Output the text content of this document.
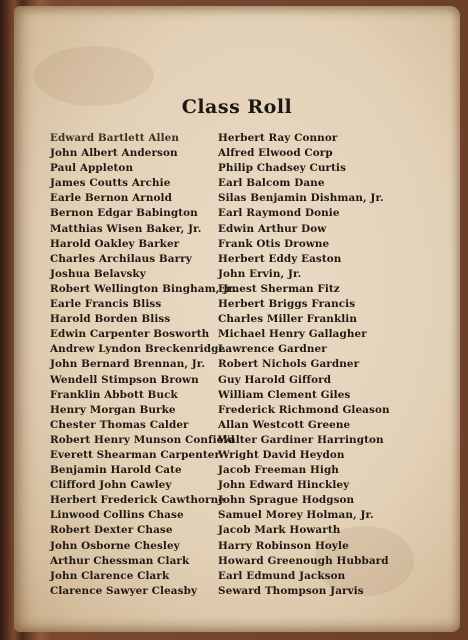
Class Roll
Edward Bartlett Allen
John Albert Anderson
Paul Appleton
James Coutts Archie
Earle Bernon Arnold
Bernon Edgar Babington
Matthias Wisen Baker, Jr.
Harold Oakley Barker
Charles Archilaus Barry
Joshua Belavsky
Robert Wellington Bingham, Jr.
Earle Francis Bliss
Harold Borden Bliss
Edwin Carpenter Bosworth
Andrew Lyndon Breckenridge
John Bernard Brennan, Jr.
Wendell Stimpson Brown
Franklin Abbott Buck
Henry Morgan Burke
Chester Thomas Calder
Robert Henry Munson Confield
Everett Shearman Carpenter
Benjamin Harold Cate
Clifford John Cawley
Herbert Frederick Cawthorne
Linwood Collins Chase
Robert Dexter Chase
John Osborne Chesley
Arthur Chessman Clark
John Clarence Clark
Clarence Sawyer Cleasby
Herbert Ray Connor
Alfred Elwood Corp
Philip Chadsey Curtis
Earl Balcom Dane
Silas Benjamin Dishman, Jr.
Earl Raymond Donie
Edwin Arthur Dow
Frank Otis Drowne
Herbert Eddy Easton
John Ervin, Jr.
Ernest Sherman Fitz
Herbert Briggs Francis
Charles Miller Franklin
Michael Henry Gallagher
Lawrence Gardner
Robert Nichols Gardner
Guy Harold Gifford
William Clement Giles
Frederick Richmond Gleason
Allan Westcott Greene
Walter Gardiner Harrington
Wright David Heydon
Jacob Freeman High
John Edward Hinckley
John Sprague Hodgson
Samuel Morey Holman, Jr.
Jacob Mark Howarth
Harry Robinson Hoyle
Howard Greenough Hubbard
Earl Edmund Jackson
Seward Thompson Jarvis
